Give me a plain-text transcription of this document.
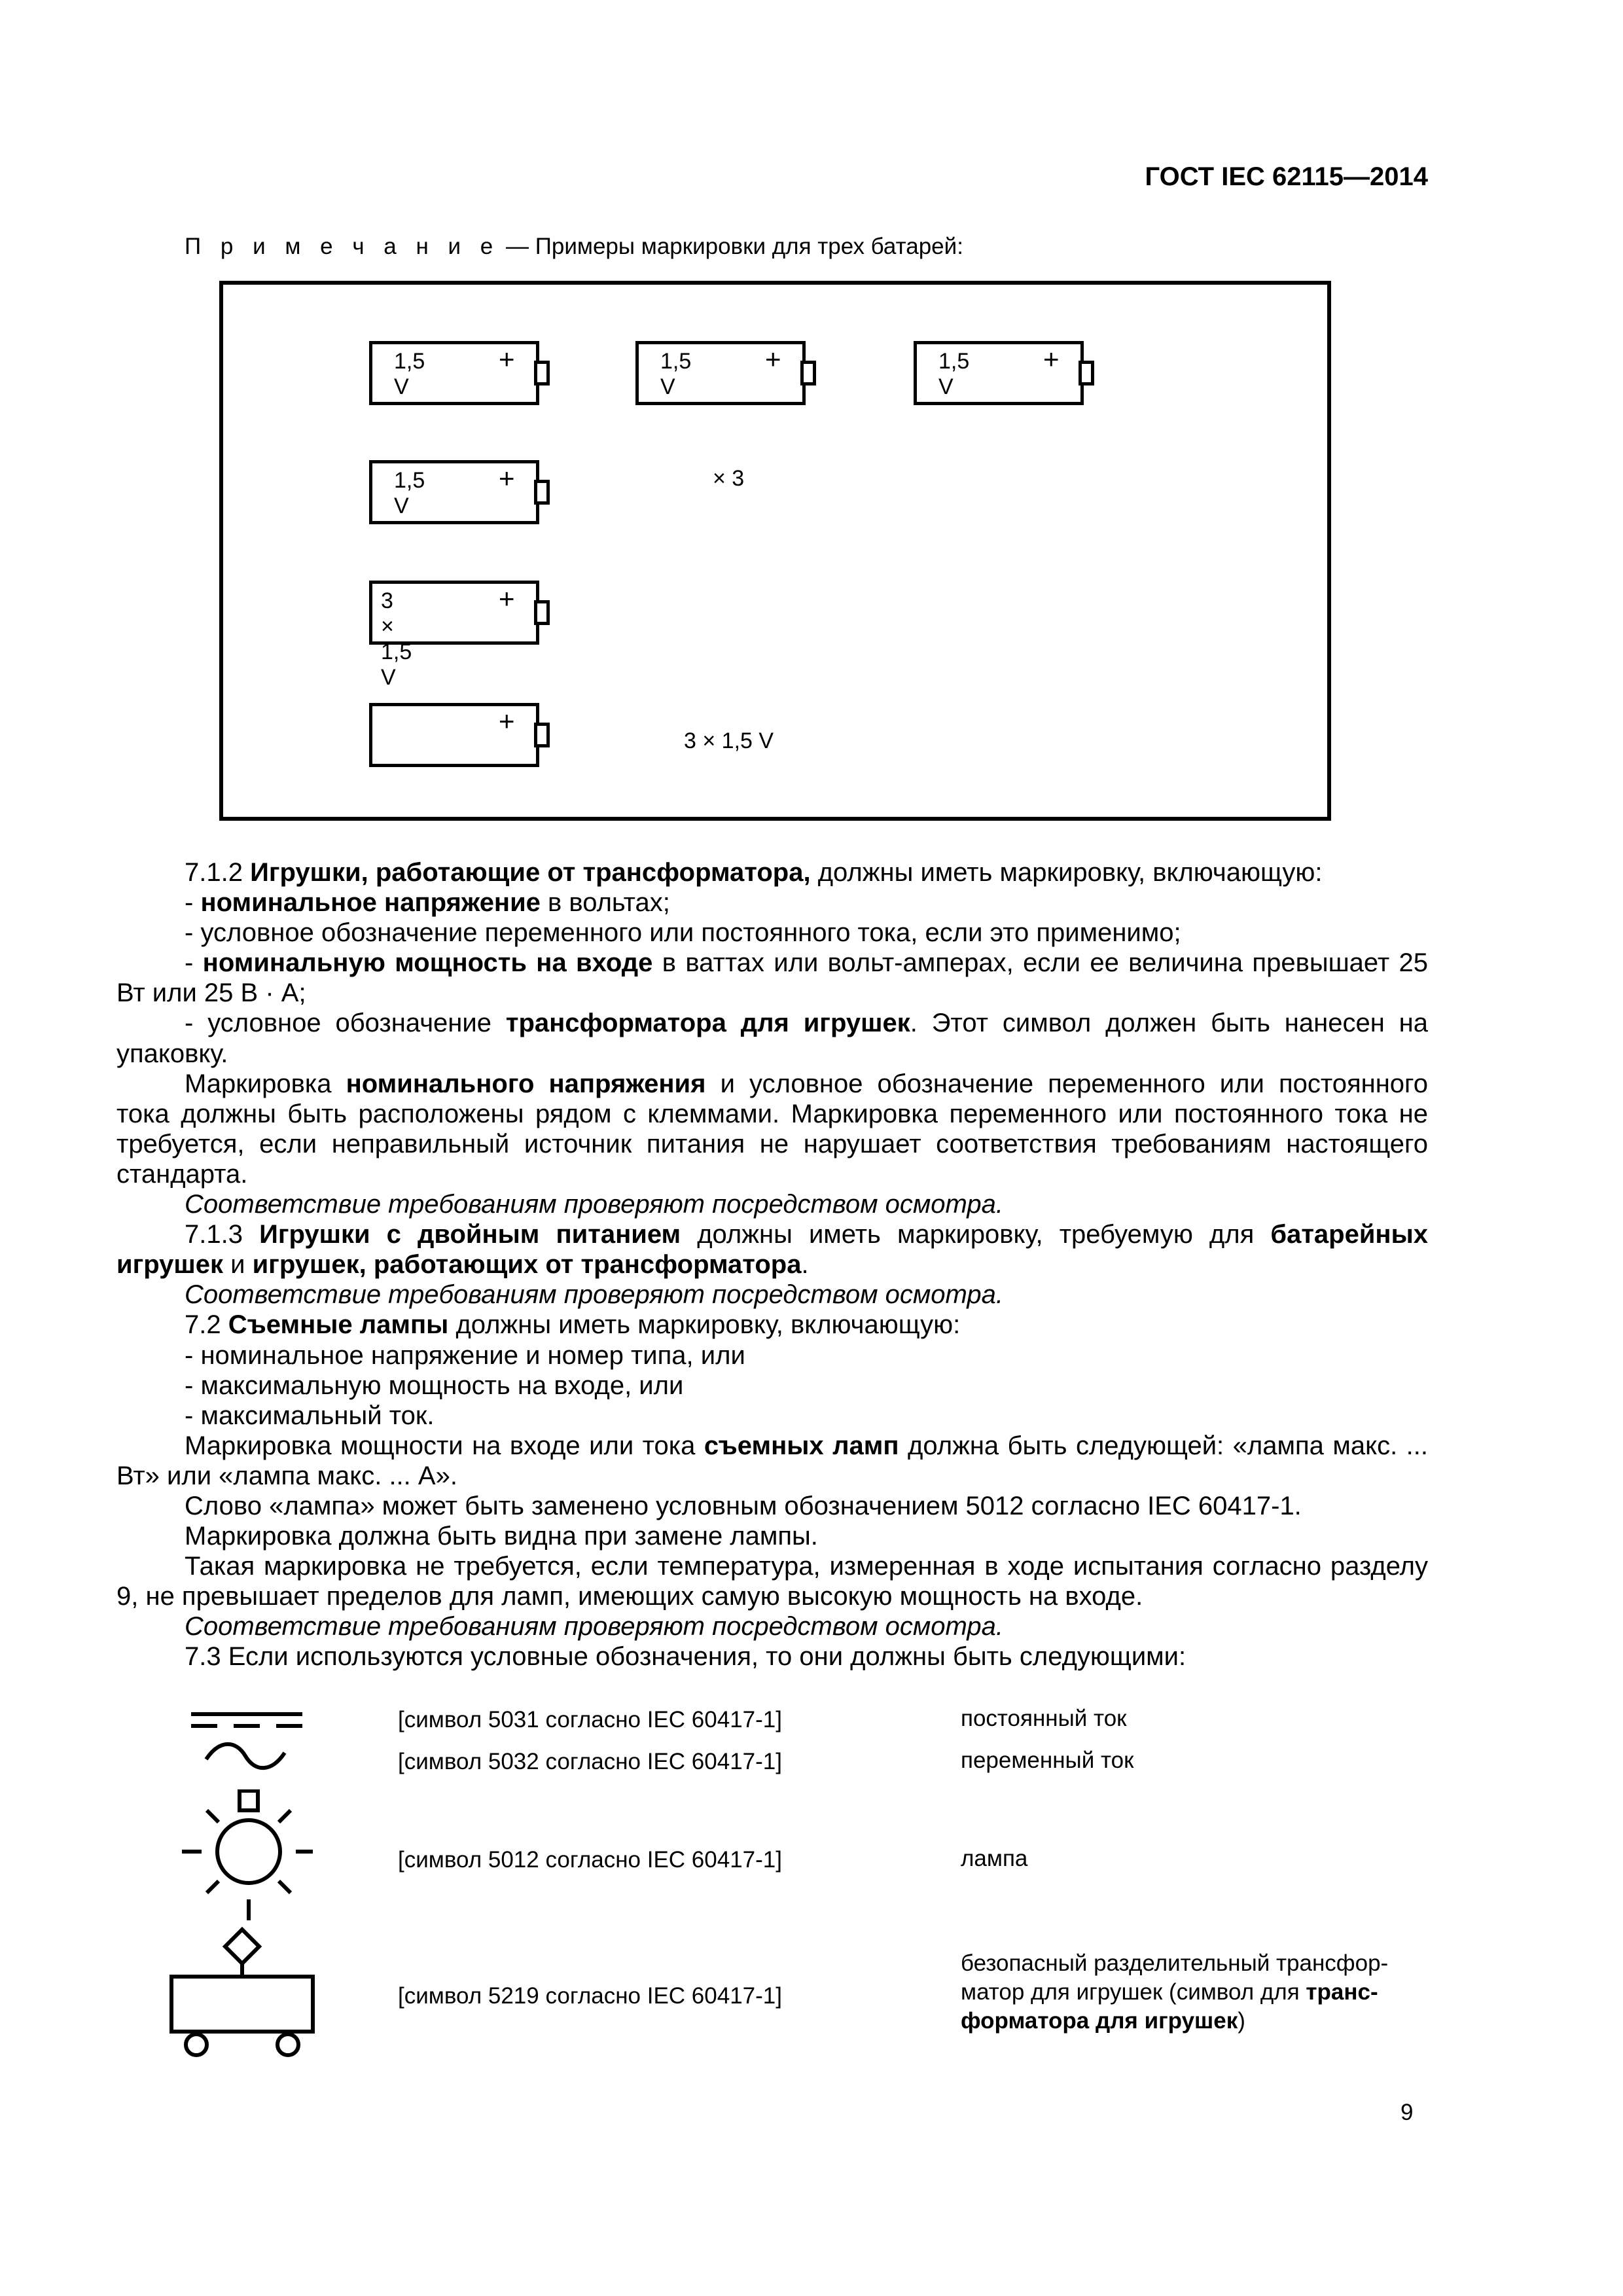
ГОСТ IEC 62115—2014
П р и м е ч а н и е — Примеры маркировки для трех батарей:
1,5 V
+	1,5 V
+	1,5 V
+
1,5 V
+	× 3
3 × 1,5 V
+
+
3 × 1,5 V

7.1.2 Игрушки, работающие от трансформатора, должны иметь маркировку, включающую:

- номинальное напряжение в вольтах;

- условное обозначение переменного или постоянного тока, если это применимо;

- номинальную мощность на входе в ваттах или вольт-амперах, если ее величина превышает 25 Вт или 25 В · А;

- условное обозначение трансформатора для игрушек. Этот символ должен быть нанесен на упаковку.

Маркировка номинального напряжения и условное обозначение переменного или постоянного тока должны быть расположены рядом с клеммами. Маркировка переменного или постоянного тока не требуется, если неправильный источник питания не нарушает соответствия требованиям настоящего стандарта.

Соответствие требованиям проверяют посредством осмотра.

7.1.3 Игрушки с двойным питанием должны иметь маркировку, требуемую для батарейных игрушек и игрушек, работающих от трансформатора.

Соответствие требованиям проверяют посредством осмотра.

7.2 Съемные лампы должны иметь маркировку, включающую:

- номинальное напряжение и номер типа, или

- максимальную мощность на входе, или

- максимальный ток.

Маркировка мощности на входе или тока съемных ламп должна быть следующей: «лампа макс. ... Вт» или «лампа макс. ... А».

Слово «лампа» может быть заменено условным обозначением 5012 согласно IEC 60417-1.

Маркировка должна быть видна при замене лампы.

Такая маркировка не требуется, если температура, измеренная в ходе испытания согласно разделу 9, не превышает пределов для ламп, имеющих самую высокую мощность на входе.

Соответствие требованиям проверяют посредством осмотра.

7.3 Если используются условные обозначения, то они должны быть следующими:

[символ 5031 согласно IEC 60417-1]	постоянный ток
[символ 5032 согласно IEC 60417-1]	переменный ток
[символ 5012 согласно IEC 60417-1]	лампа
[символ 5219 согласно IEC 60417-1]
безопасный разделительный трансфор-
матор для игрушек (символ для транс-
форматора для игрушек)
9
